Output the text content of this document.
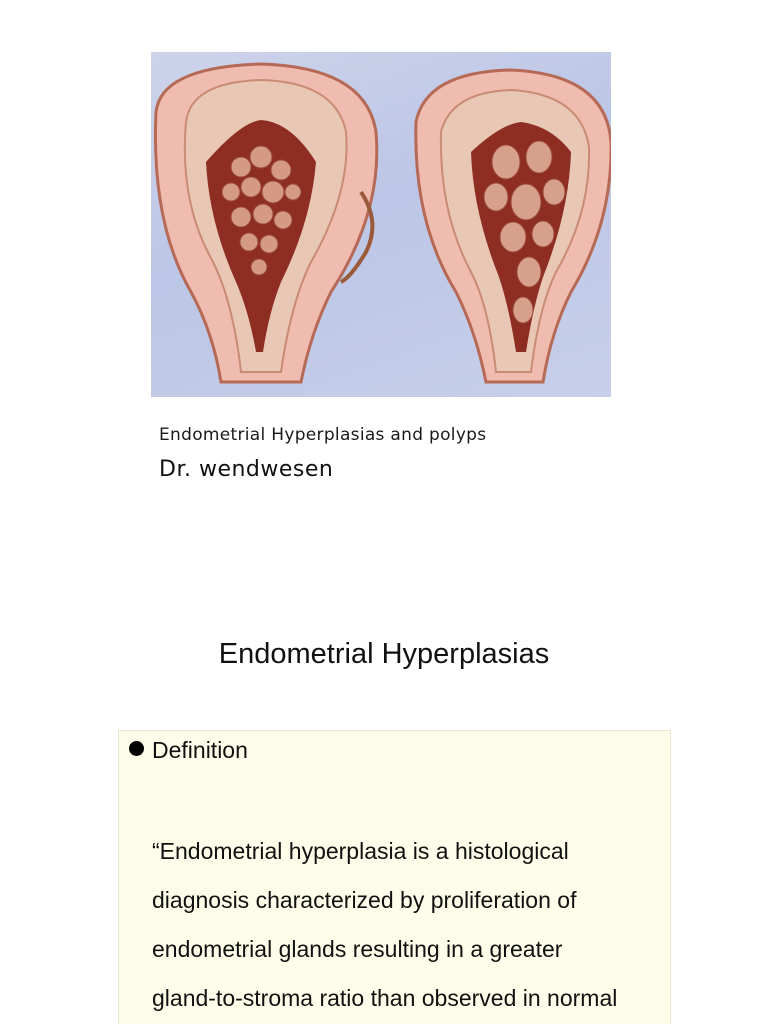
Endometrial Hyperplasias and polyps
Dr. wendwesen
Endometrial Hyperplasias
Definition
“Endometrial hyperplasia is a histological
diagnosis characterized by proliferation of
endometrial glands resulting in a greater
gland-to-stroma ratio than observed in normal
